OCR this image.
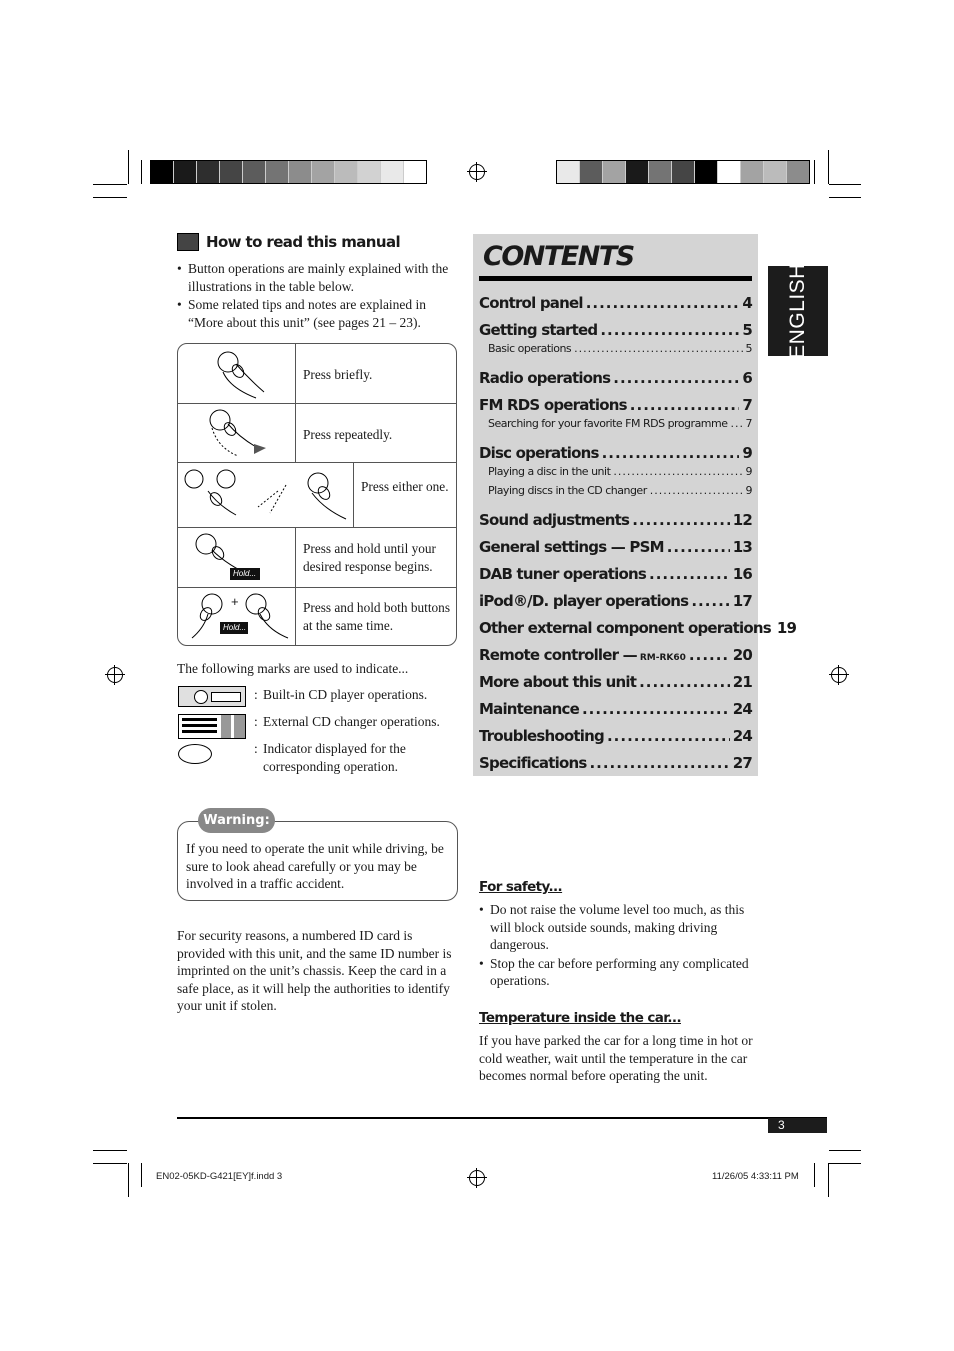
How to read this manual
• Button operations are mainly explained with the illustrations in the table below.
• Some related tips and notes are explained in “More about this unit” (see pages 21 – 23).
Press briefly.
Press repeatedly.
Press either one.
Hold...
Press and hold until your desired response begins.
+
Hold...
Press and hold both buttons at the same time.
The following marks are used to indicate...
: Built-in CD player operations.
: External CD changer operations.
: Indicator displayed for the corresponding operation.
If you need to operate the unit while driving, be sure to look ahead carefully or you may be involved in a traffic accident.
Warning:
For security reasons, a numbered ID card is provided with this unit, and the same ID number is imprinted on the unit’s chassis. Keep the card in a safe place, as it will help the authorities to identify your unit if stolen.
CONTENTS
Control panel .....	4
Getting started .....	5
Basic operations .....	5
Radio operations .....	6
FM RDS operations .....	7
Searching for your favorite FM RDS programme ..... 7
Disc operations .....	9
Playing a disc in the unit .....	9
Playing discs in the CD changer .....	9
Sound adjustments .....	12
General settings — PSM .....	13
DAB tuner operations .....	16
iPod®/D. player operations .....	17
Other external component operations 19
Remote controller — RM-RK60 .....	20
More about this unit .....	21
Maintenance .....	24
Troubleshooting .....	24
Specifications .....	27
ENGLISH
For safety...
• Do not raise the volume level too much, as this will block outside sounds, making driving dangerous.
• Stop the car before performing any complicated operations.
Temperature inside the car...
If you have parked the car for a long time in hot or cold weather, wait until the temperature in the car becomes normal before operating the unit.
3
EN02-05KD-G421[EY]f.indd 3	11/26/05 4:33:11 PM
